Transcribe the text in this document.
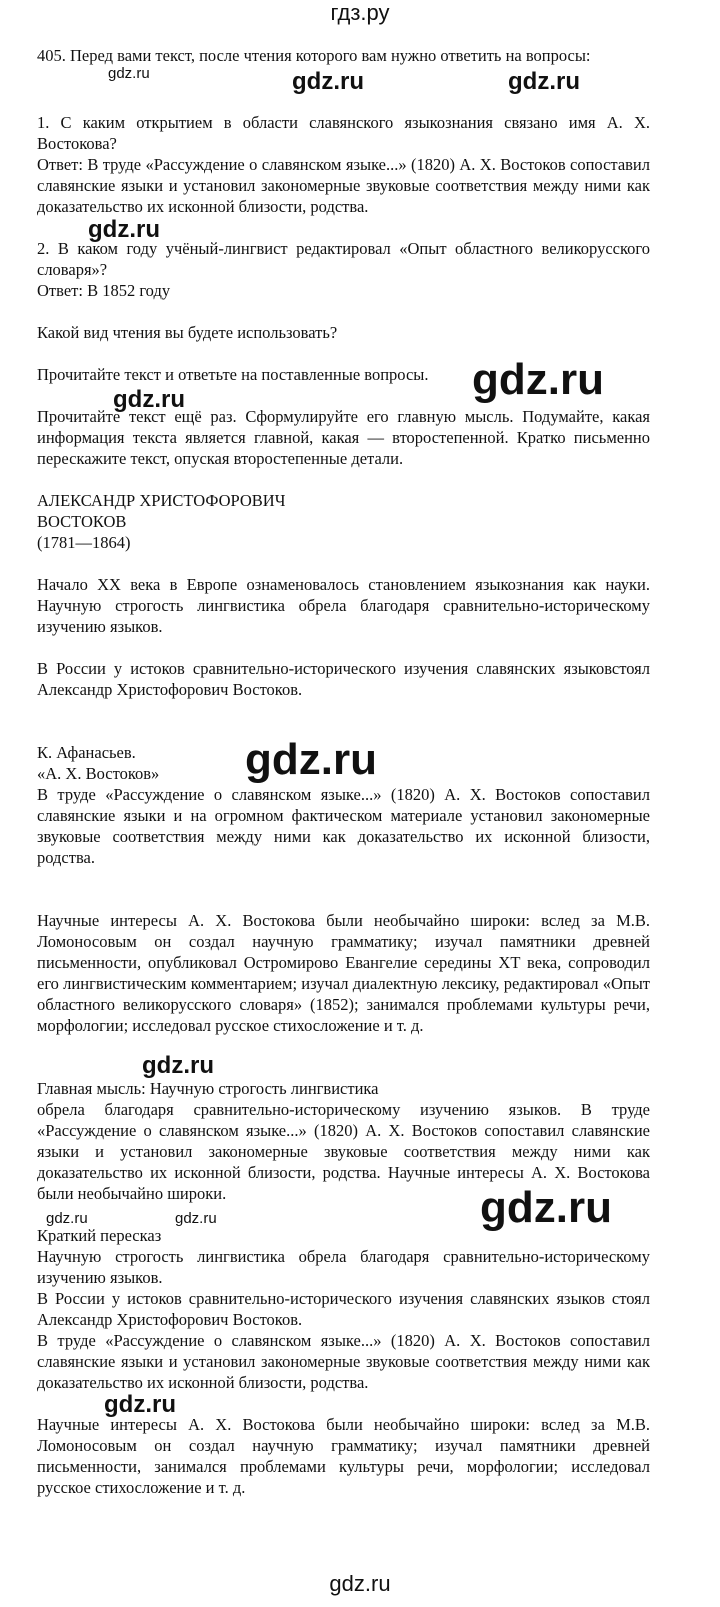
гдз.ру

405. Перед вами текст, после чтения которого вам нужно ответить на вопросы:

1. С каким открытием в области славянского языкознания связано имя А. Х. Востокова?

Ответ: В труде «Рассуждение о славянском языке...» (1820) А. Х. Востоков сопоставил славянские языки и установил закономерные звуковые соответствия между ними как доказательство их исконной близости, родства.

2. В каком году учёный-лингвист редактировал «Опыт областного великорусского словаря»?

Ответ: В 1852 году

Какой вид чтения вы будете использовать?

Прочитайте текст и ответьте на поставленные вопросы.

Прочитайте текст ещё раз. Сформулируйте его главную мысль. Подумайте, какая информация текста является главной, какая — второстепенной. Кратко письменно перескажите текст, опуская второстепенные детали.

АЛЕКСАНДР ХРИСТОФОРОВИЧ

ВОСТОКОВ

(1781—1864)

Начало XX века в Европе ознаменовалось становлением языкознания как науки. Научную строгость лингвистика обрела благодаря сравнительно-историческому изучению языков.

В России у истоков сравнительно-исторического изучения славянских языковстоял Александр Христофорович Востоков.

К. Афанасьев.

«А. Х. Востоков»

В труде «Рассуждение о славянском языке...» (1820) А. Х. Востоков сопоставил славянские языки и на огромном фактическом материале установил закономерные звуковые соответствия между ними как доказательство их исконной близости, родства.

Научные интересы А. Х. Востокова были необычайно широки: вслед за М.В. Ломоносовым он создал научную грамматику; изучал памятники древней письменности, опубликовал Остромирово Евангелие середины XT века, сопроводил его лингвистическим комментарием; изучал диалектную лексику, редактировал «Опыт областного великорусского словаря» (1852); занимался проблемами культуры речи, морфологии; исследовал русское стихосложение и т. д.

Главная мысль: Научную строгость лингвистика

обрела благодаря сравнительно-историческому изучению языков. В труде «Рассуждение о славянском языке...» (1820) А. Х. Востоков сопоставил славянские языки и установил закономерные звуковые соответствия между ними как доказательство их исконной близости, родства. Научные интересы А. Х. Востокова были необычайно широки.

Краткий пересказ

Научную строгость лингвистика обрела благодаря сравнительно-историческому изучению языков.

В России у истоков сравнительно-исторического изучения славянских языков стоял Александр Христофорович Востоков.

В труде «Рассуждение о славянском языке...» (1820) А. Х. Востоков сопоставил славянские языки и установил закономерные звуковые соответствия между ними как доказательство их исконной близости, родства.

Научные интересы А. Х. Востокова были необычайно широки: вслед за М.В. Ломоносовым он создал научную грамматику; изучал памятники древней письменности, занимался проблемами культуры речи, морфологии; исследовал русское стихосложение и т. д.

gdz.ru	gdz.ru	gdz.ru
gdz.ru
gdz.ru
gdz.ru
gdz.ru
gdz.ru
gdz.ru
gdz.ru	gdz.ru
gdz.ru
gdz.ru
